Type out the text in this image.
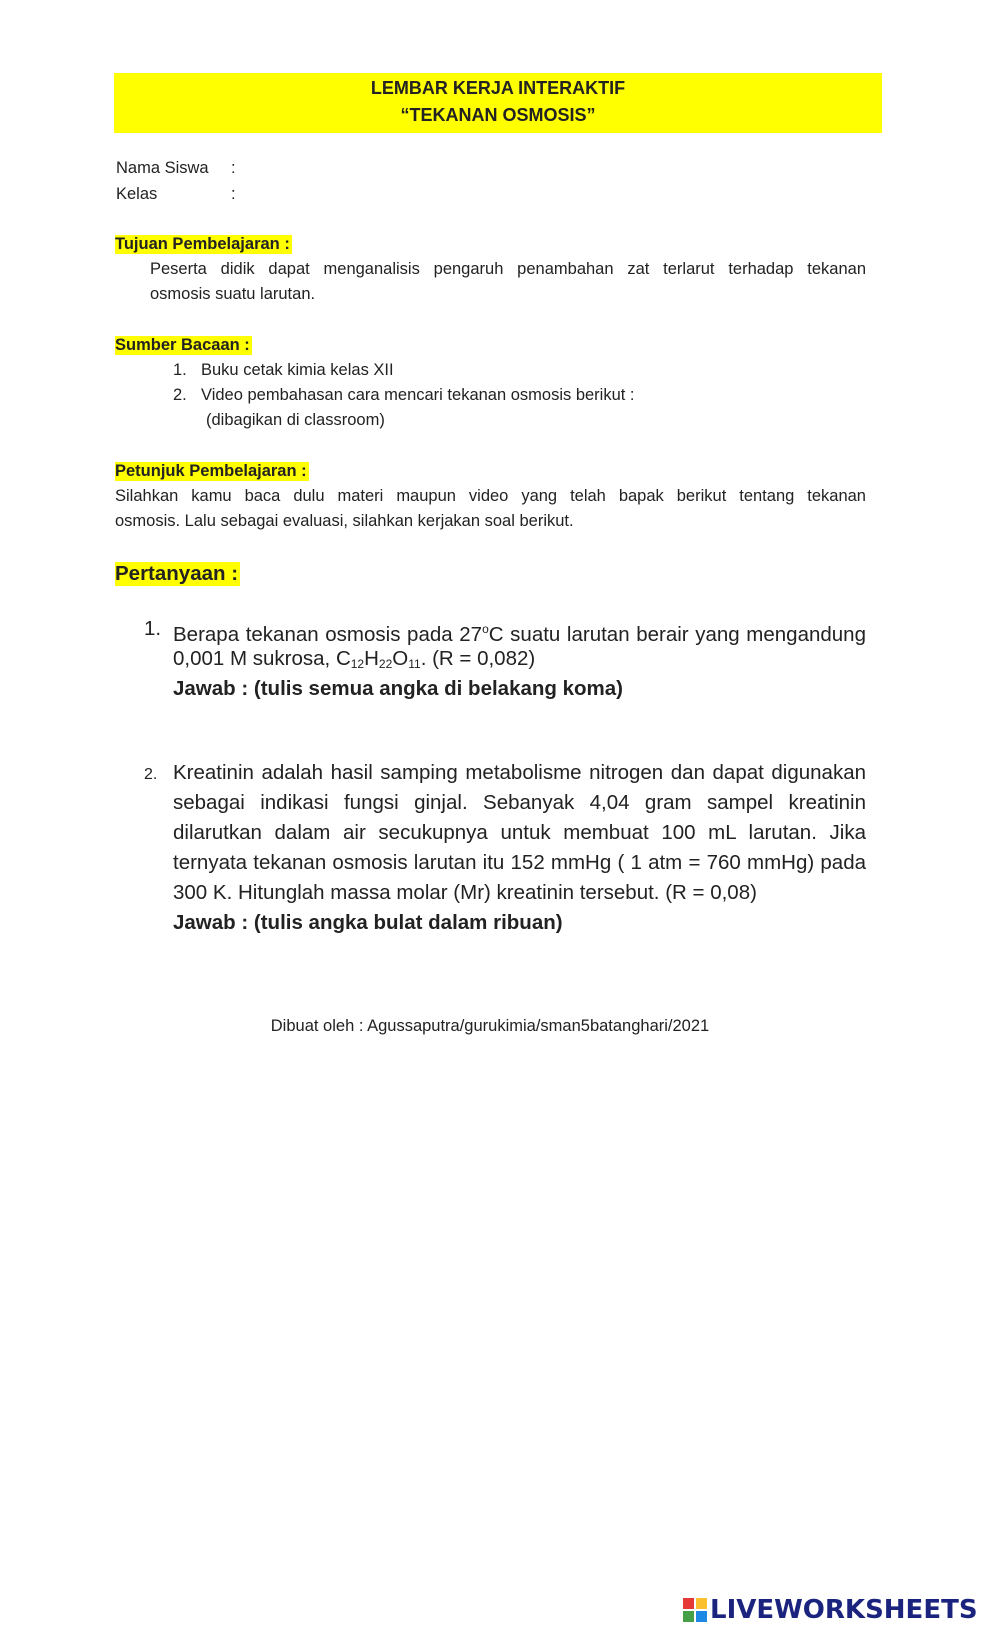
LEMBAR KERJA INTERAKTIF
“TEKANAN OSMOSIS”
Nama Siswa :
Kelas	:
Tujuan Pembelajaran :
Peserta didik dapat menganalisis pengaruh penambahan zat terlarut terhadap tekanan
osmosis suatu larutan.
Sumber Bacaan :
1. Buku cetak kimia kelas XII
2. Video pembahasan cara mencari tekanan osmosis berikut :
(dibagikan di classroom)
Petunjuk Pembelajaran :
Silahkan kamu baca dulu materi maupun video yang telah bapak berikut tentang tekanan
osmosis. Lalu sebagai evaluasi, silahkan kerjakan soal berikut.
Pertanyaan :
1. Berapa tekanan osmosis pada 27$^o$C suatu larutan berair yang mengandung
0,001 M sukrosa, $C_{12}H_{22}O_{11}$. (R = 0,082)
Jawab : (tulis semua angka di belakang koma)
2. Kreatinin adalah hasil samping metabolisme nitrogen dan dapat digunakan
sebagai indikasi fungsi ginjal. Sebanyak 4,04 gram sampel kreatinin
dilarutkan dalam air secukupnya untuk membuat 100 mL larutan. Jika
ternyata tekanan osmosis larutan itu 152 mmHg ( 1 atm = 760 mmHg) pada
300 K. Hitunglah massa molar (Mr) kreatinin tersebut. (R = 0,08)
Jawab : (tulis angka bulat dalam ribuan)
Dibuat oleh : Agussaputra/gurukimia/sman5batanghari/2021
LIVEWORKSHEETS
